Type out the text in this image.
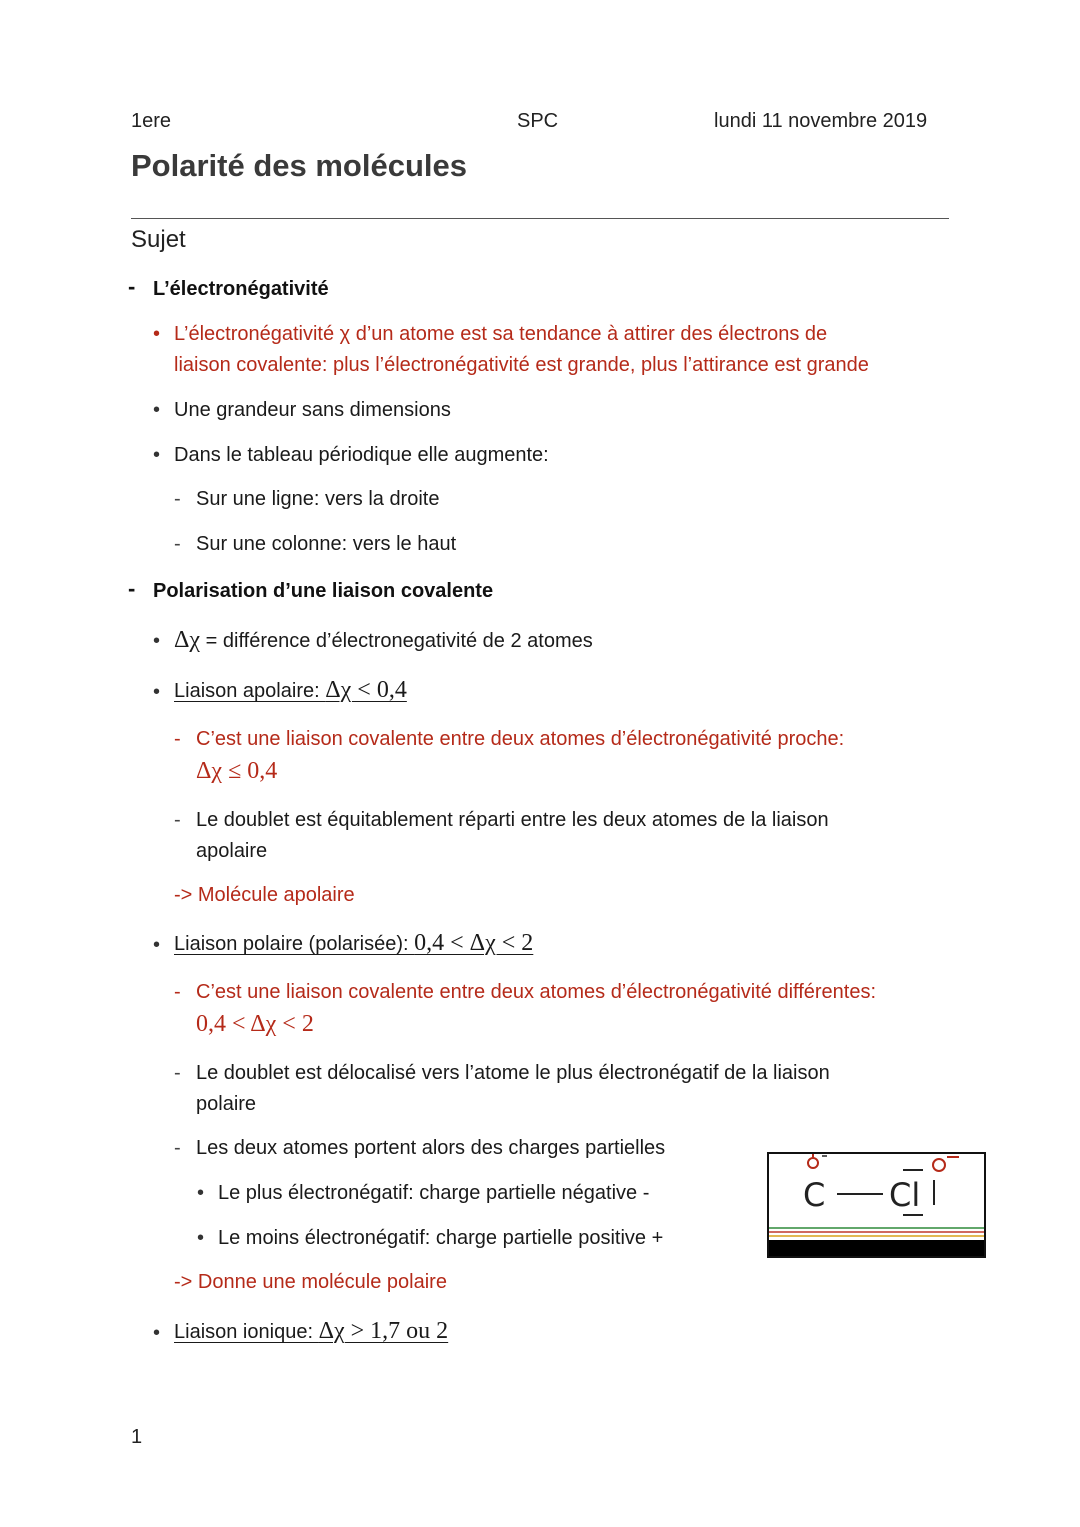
1ere	SPC	lundi 11 novembre 2019
Polarité des molécules
Sujet
- L’électronégativité
• L’électronégativité χ d’un atome est sa tendance à attirer des électrons de
liaison covalente: plus l’électronégativité est grande, plus l’attirance est grande
• Une grandeur sans dimensions
• Dans le tableau périodique elle augmente:
- Sur une ligne: vers la droite
- Sur une colonne: vers le haut
- Polarisation d’une liaison covalente
• Δχ = différence d’électronegativité de 2 atomes
• Liaison apolaire: Δχ < 0,4
- C’est une liaison covalente entre deux atomes d’électronégativité proche:
Δχ ≤ 0,4
- Le doublet est équitablement réparti entre les deux atomes de la liaison
apolaire
-> Molécule apolaire
• Liaison polaire (polarisée): 0,4 < Δχ < 2
- C’est une liaison covalente entre deux atomes d’électronégativité différentes:
0,4 < Δχ < 2
- Le doublet est délocalisé vers l’atome le plus électronégatif de la liaison
polaire
- Les deux atomes portent alors des charges partielles
• Le plus électronégatif: charge partielle négative -
• Le moins électronégatif: charge partielle positive +
-> Donne une molécule polaire
C Cl
• Liaison ionique: Δχ > 1,7 ou 2
1
